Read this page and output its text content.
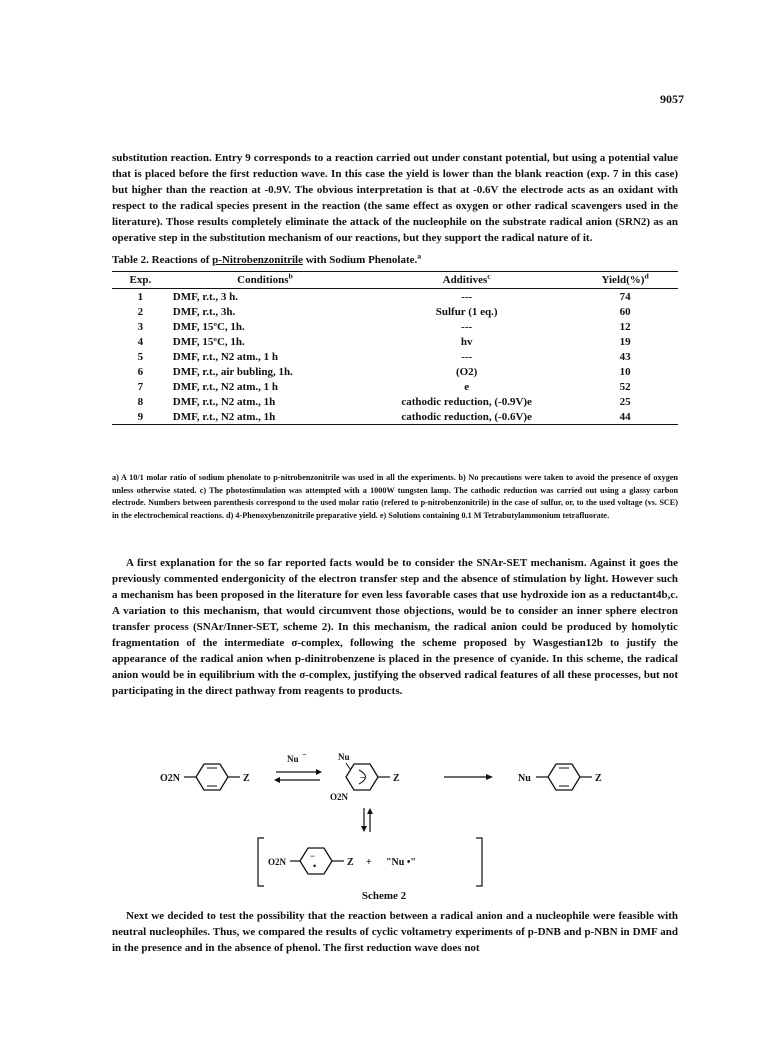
9057

substitution reaction. Entry 9 corresponds to a reaction carried out under constant potential, but using a potential value that is placed before the first reduction wave. In this case the yield is lower than the blank reaction (exp. 7 in this case) but higher than the reaction at -0.9V. The obvious interpretation is that at -0.6V the electrode acts as an oxidant with respect to the radical species present in the reaction (the same effect as oxygen or other radical scavengers used in the literature). Those results completely eliminate the attack of the nucleophile on the substrate radical anion (SRN2) as an operative step in the substitution mechanism of our reactions, but they support the radical nature of it.

Table 2. Reactions of p-Nitrobenzonitrile with Sodium Phenolate.$^a$
Exp.	Conditions$^b$	Additives$^c$	Yield(%)$^d$
1	DMF, r.t., 3 h.	---	74
2	DMF, r.t., 3h.	Sulfur (1 eq.)	60
3	DMF, 15ºC, 1h.	---	12
4	DMF, 15ºC, 1h.	hv	19
5	DMF, r.t., N2 atm., 1 h	---	43
6	DMF, r.t., air bubling, 1h.	(O2)	10
7	DMF, r.t., N2 atm., 1 h	e	52
8	DMF, r.t., N2 atm., 1h	cathodic reduction, (-0.9V)e	25
9	DMF, r.t., N2 atm., 1h	cathodic reduction, (-0.6V)e	44

a) A 10/1 molar ratio of sodium phenolate to p-nitrobenzonitrile was used in all the experiments. b) No precautions were taken to avoid the presence of oxygen unless otherwise stated. c) The photostimulation was attempted with a 1000W tungsten lamp. The cathodic reduction was carried out using a glassy carbon electrode. Numbers between parenthesis correspond to the used molar ratio (refered to p-nitrobenzonitrile) in the case of sulfur, or, to the used voltage (vs. SCE) in the electrochemical reactions. d) 4-Phenoxybenzonitrile preparative yield. e) Solutions containing 0.1 M Tetrabutylammonium tetrafluorate.

A first explanation for the so far reported facts would be to consider the SNAr-SET mechanism. Against it goes the previously commented endergonicity of the electron transfer step and the absence of stimulation by light. However such a mechanism has been proposed in the literature for even less favorable cases that use hydroxide ion as a reductant4b,c. A variation to this mechanism, that would circumvent those objections, would be to consider an inner sphere electron transfer process (SNAr/Inner-SET, scheme 2). In this mechanism, the radical anion could be produced by homolytic fragmentation of the intermediate σ-complex, following the scheme proposed by Wasgestian12b to justify the appearance of the radical anion when p-dinitrobenzene is placed in the presence of cyanide. In this scheme, the radical anion would be in equilibrium with the σ-complex, justifying the observed radical features of all these processes, but not participating in the direct pathway from reagents to products.

O2N	Z
Nu −	Nu
−
O2N
Z	Nu	Z
O2N
−
•	Z + "Nu •"
Scheme 2

Next we decided to test the possibility that the reaction between a radical anion and a nucleophile were feasible with neutral nucleophiles. Thus, we compared the results of cyclic voltametry experiments of p-DNB and p-NBN in DMF and in the presence and in the absence of phenol. The first reduction wave does not
